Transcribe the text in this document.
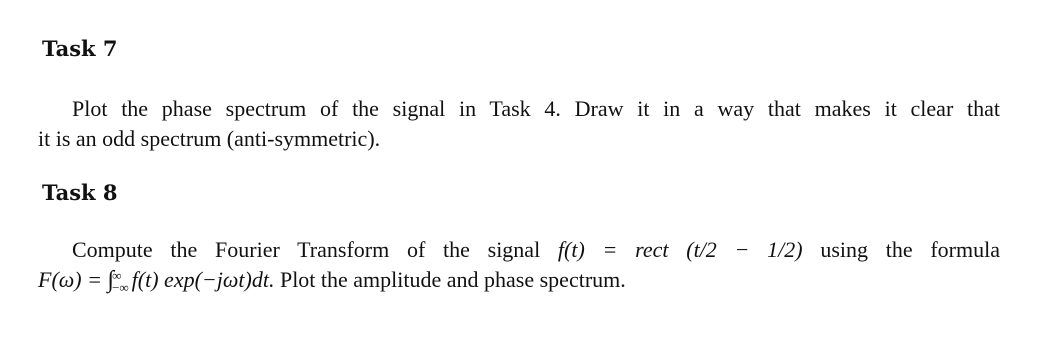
Task 7
Plot the phase spectrum of the signal in Task 4. Draw it in a way that makes it clear that
it is an odd spectrum (anti-symmetric).
Task 8
Compute the Fourier Transform of the signal f(t) = rect (t/2 − 1/2) using the formula
F(ω) = ∫
∞
−∞ f(t) exp(−jωt)dt. Plot the amplitude and phase spectrum.
